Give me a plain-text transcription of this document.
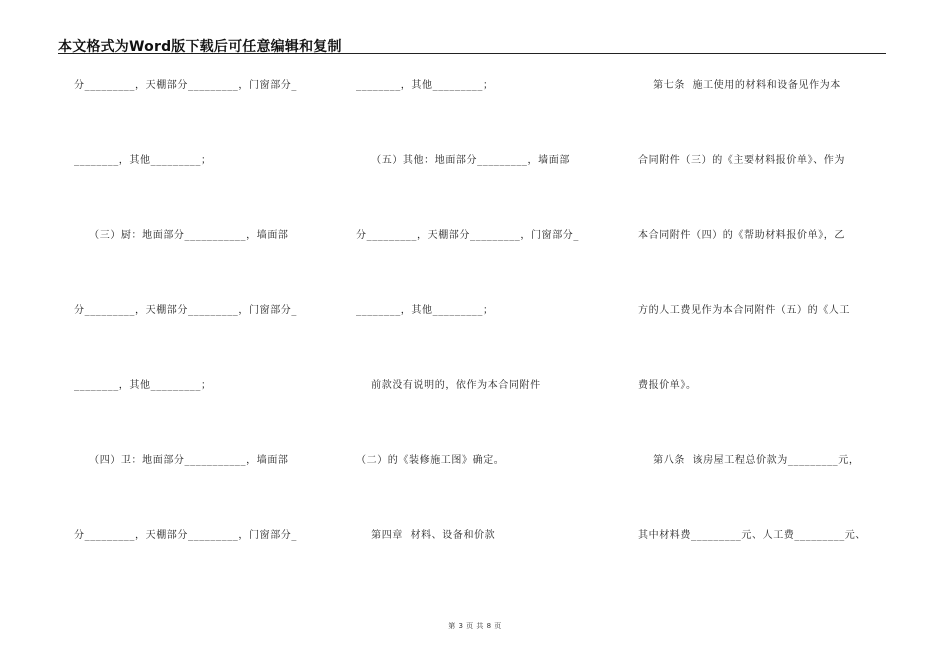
本文格式为Word版下载后可任意编辑和复制
分_________，天棚部分_________，门窗部分_
________，其他_________；
（三）厨：地面部分___________，墙面部
分_________，天棚部分_________，门窗部分_
________，其他_________；
（四）卫：地面部分___________，墙面部
分_________，天棚部分_________，门窗部分_
________，其他_________；
（五）其他：地面部分_________，墙面部
分_________，天棚部分_________，门窗部分_
________，其他_________；
前款没有说明的，依作为本合同附件
（二）的《装修施工图》确定。
第四章  材料、设备和价款
第七条  施工使用的材料和设备见作为本
合同附件（三）的《主要材料报价单》、作为
本合同附件（四）的《帮助材料报价单》，乙
方的人工费见作为本合同附件（五）的《人工
费报价单》。
第八条  该房屋工程总价款为_________元，
其中材料费_________元、人工费_________元、
第 3 页 共 8 页
